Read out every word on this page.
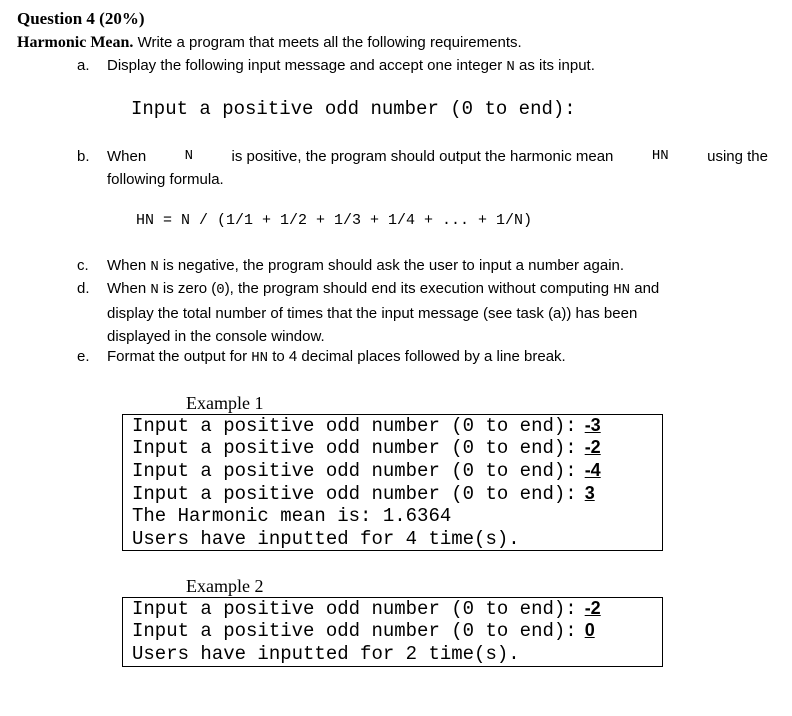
Question 4 (20%)
Harmonic Mean. Write a program that meets all the following requirements.
a. Display the following input message and accept one integer N as its input.
Input a positive odd number (0 to end):
b. When	N	is positive, the program should output the harmonic mean	HN	using the
following formula.
HN = N / (1/1 + 1/2 + 1/3 + 1/4 + ... + 1/N)
c. When N is negative, the program should ask the user to input a number again.
d. When N is zero (0), the program should end its execution without computing HN and
display the total number of times that the input message (see task (a)) has been
displayed in the console window.
e. Format the output for HN to 4 decimal places followed by a line break.
Example 1
Input a positive odd number (0 to end): -3
Input a positive odd number (0 to end): -2
Input a positive odd number (0 to end): -4
Input a positive odd number (0 to end): 3
The Harmonic mean is: 1.6364
Users have inputted for 4 time(s).
Example 2
Input a positive odd number (0 to end): -2
Input a positive odd number (0 to end): 0
Users have inputted for 2 time(s).
